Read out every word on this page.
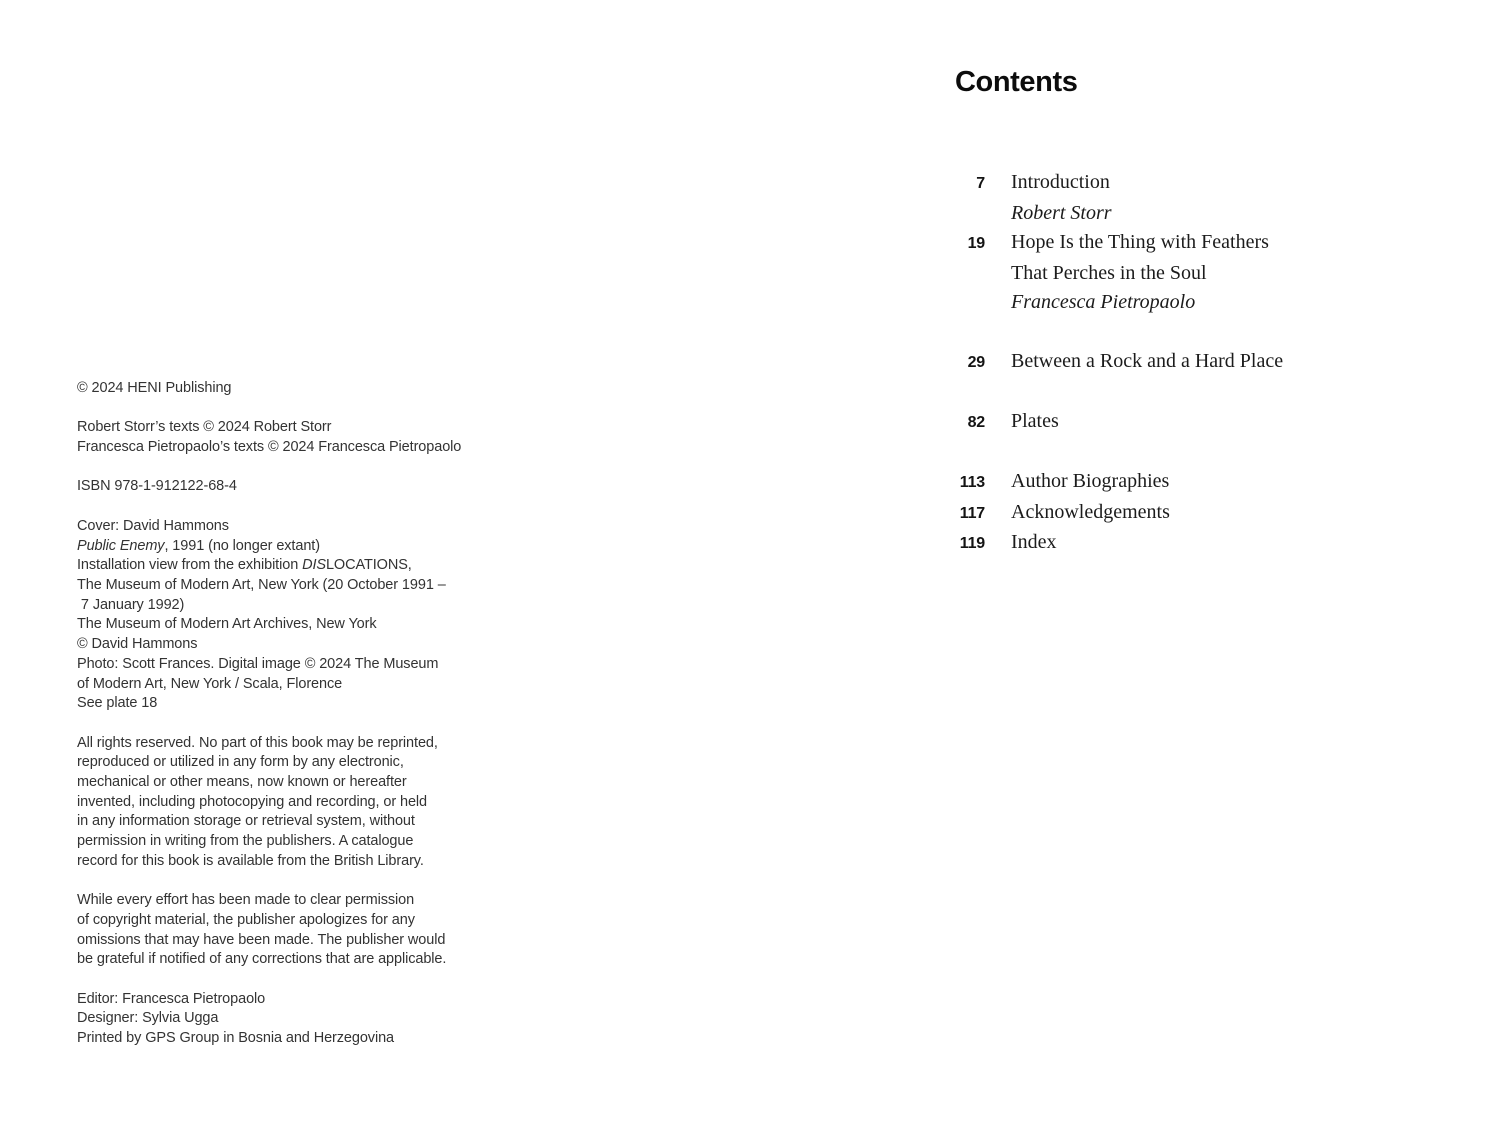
© 2024 HENI Publishing

Robert Storr’s texts © 2024 Robert Storr
Francesca Pietropaolo’s texts © 2024 Francesca Pietropaolo

ISBN 978-1-912122-68-4

Cover: David Hammons
Public Enemy, 1991 (no longer extant)
Installation view from the exhibition DISLOCATIONS,
The Museum of Modern Art, New York (20 October 1991 –
7 January 1992)
The Museum of Modern Art Archives, New York
© David Hammons
Photo: Scott Frances. Digital image © 2024 The Museum
of Modern Art, New York / Scala, Florence
See plate 18

All rights reserved. No part of this book may be reprinted,
reproduced or utilized in any form by any electronic,
mechanical or other means, now known or hereafter
invented, including photocopying and recording, or held
in any information storage or retrieval system, without
permission in writing from the publishers. A catalogue
record for this book is available from the British Library.

While every effort has been made to clear permission
of copyright material, the publisher apologizes for any
omissions that may have been made. The publisher would
be grateful if notified of any corrections that are applicable.

Editor: Francesca Pietropaolo
Designer: Sylvia Ugga
Printed by GPS Group in Bosnia and Herzegovina

Contents
7 Introduction
Robert Storr
19 Hope Is the Thing with Feathers
That Perches in the Soul
Francesca Pietropaolo
29 Between a Rock and a Hard Place
82 Plates
113 Author Biographies
117 Acknowledgements
119 Index
